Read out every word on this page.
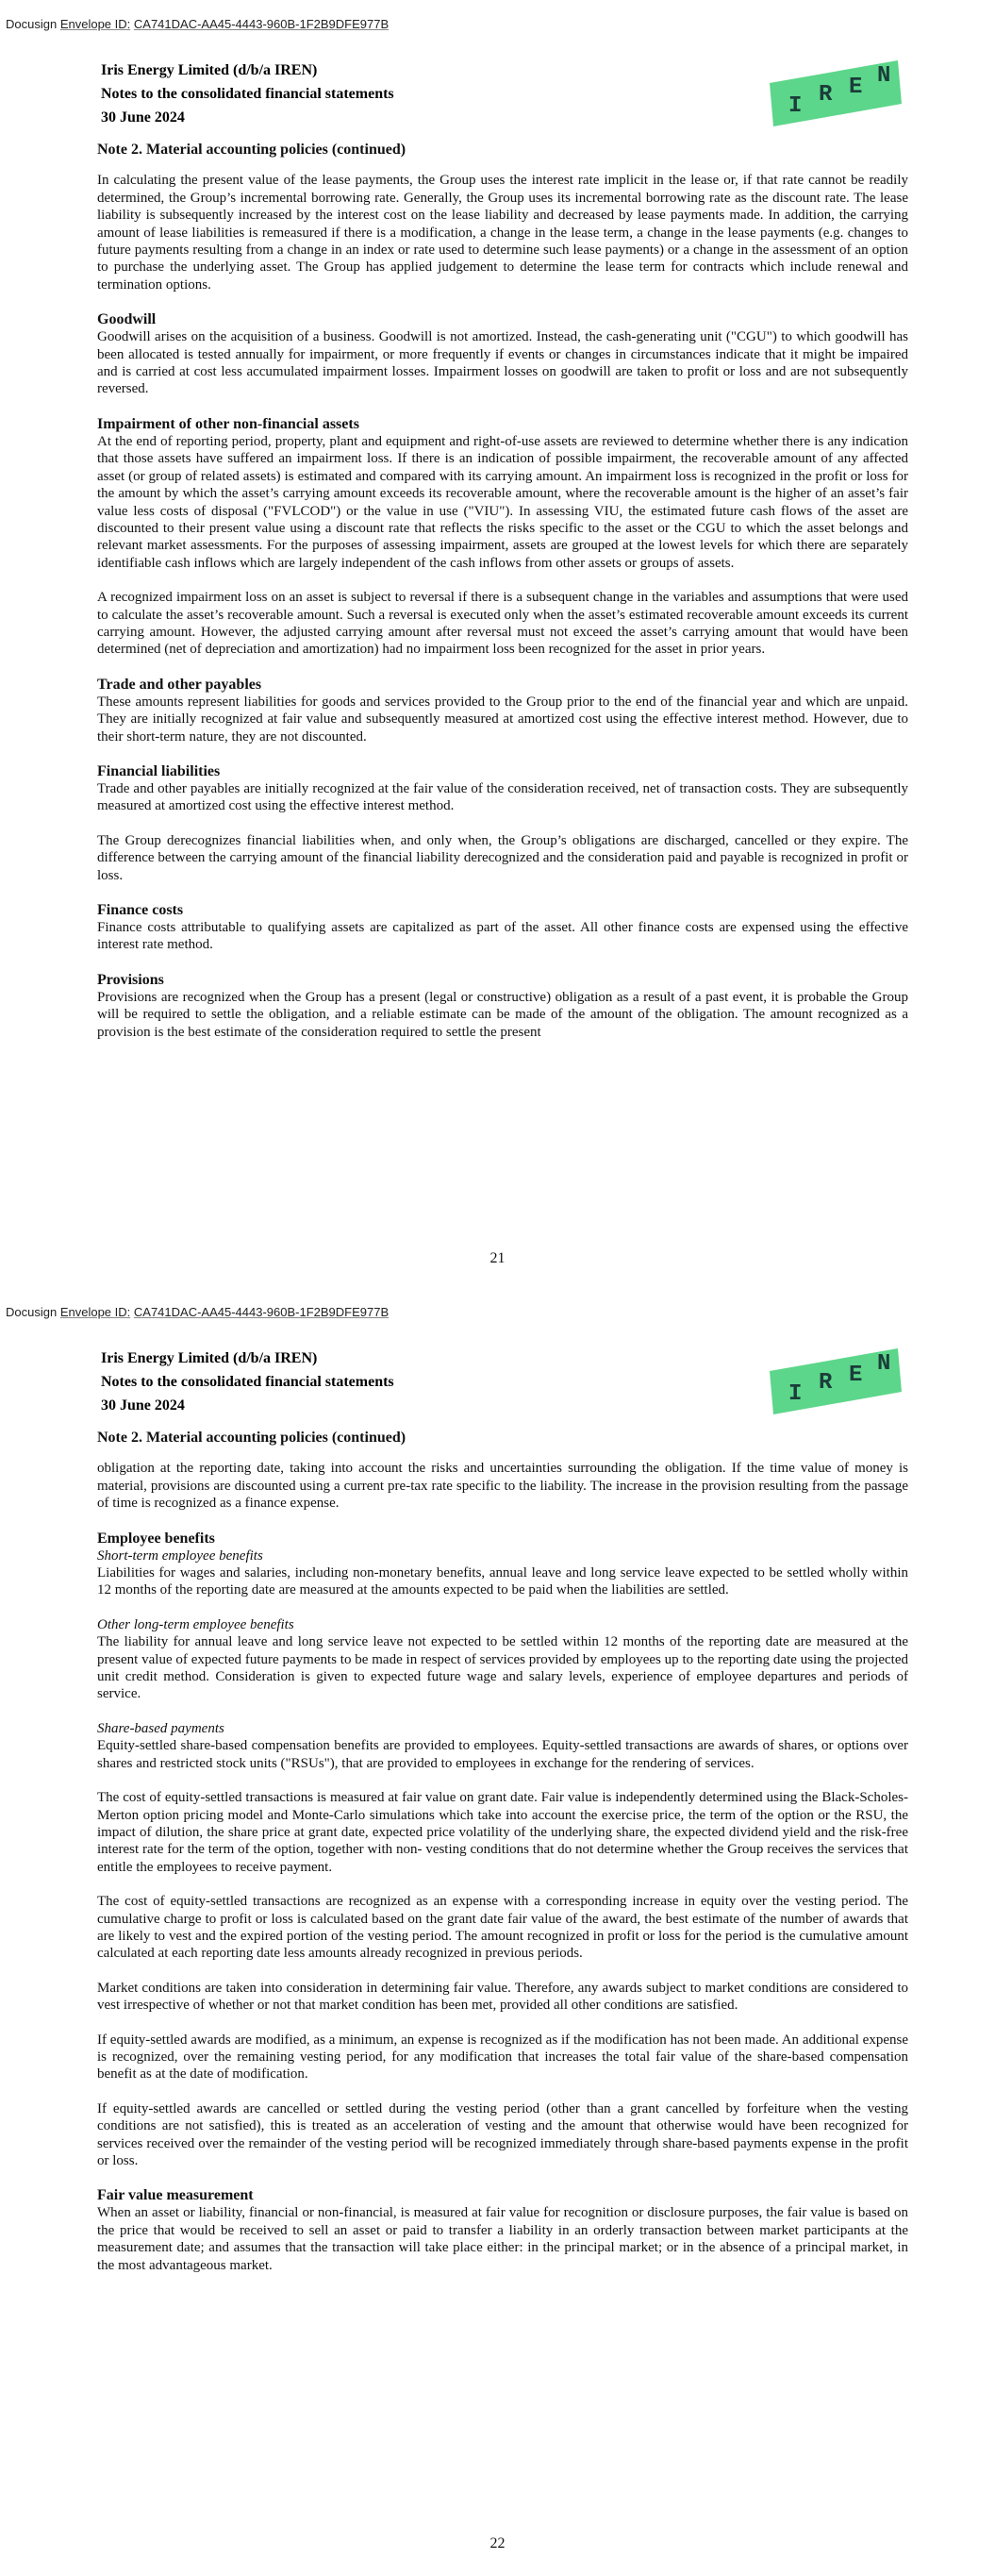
Docusign Envelope ID: CA741DAC-AA45-4443-960B-1F2B9DFE977B
Iris Energy Limited (d/b/a IREN)
Notes to the consolidated financial statements
30 June 2024	I R E N
Note 2. Material accounting policies (continued)

In calculating the present value of the lease payments, the Group uses the interest rate implicit in the lease or, if that rate cannot be readily determined, the Group’s incremental borrowing rate. Generally, the Group uses its incremental borrowing rate as the discount rate. The lease liability is subsequently increased by the interest cost on the lease liability and decreased by lease payments made. In addition, the carrying amount of lease liabilities is remeasured if there is a modification, a change in the lease term, a change in the lease payments (e.g. changes to future payments resulting from a change in an index or rate used to determine such lease payments) or a change in the assessment of an option to purchase the underlying asset. The Group has applied judgement to determine the lease term for contracts which include renewal and termination options.

Goodwill

Goodwill arises on the acquisition of a business. Goodwill is not amortized. Instead, the cash-generating unit ("CGU") to which goodwill has been allocated is tested annually for impairment, or more frequently if events or changes in circumstances indicate that it might be impaired and is carried at cost less accumulated impairment losses. Impairment losses on goodwill are taken to profit or loss and are not subsequently reversed.

Impairment of other non-financial assets

At the end of reporting period, property, plant and equipment and right-of-use assets are reviewed to determine whether there is any indication that those assets have suffered an impairment loss. If there is an indication of possible impairment, the recoverable amount of any affected asset (or group of related assets) is estimated and compared with its carrying amount. An impairment loss is recognized in the profit or loss for the amount by which the asset’s carrying amount exceeds its recoverable amount, where the recoverable amount is the higher of an asset’s fair value less costs of disposal ("FVLCOD") or the value in use ("VIU"). In assessing VIU, the estimated future cash flows of the asset are discounted to their present value using a discount rate that reflects the risks specific to the asset or the CGU to which the asset belongs and relevant market assessments. For the purposes of assessing impairment, assets are grouped at the lowest levels for which there are separately identifiable cash inflows which are largely independent of the cash inflows from other assets or groups of assets.

A recognized impairment loss on an asset is subject to reversal if there is a subsequent change in the variables and assumptions that were used to calculate the asset’s recoverable amount. Such a reversal is executed only when the asset’s estimated recoverable amount exceeds its current carrying amount. However, the adjusted carrying amount after reversal must not exceed the asset’s carrying amount that would have been determined (net of depreciation and amortization) had no impairment loss been recognized for the asset in prior years.

Trade and other payables

These amounts represent liabilities for goods and services provided to the Group prior to the end of the financial year and which are unpaid. They are initially recognized at fair value and subsequently measured at amortized cost using the effective interest method. However, due to their short-term nature, they are not discounted.

Financial liabilities

Trade and other payables are initially recognized at the fair value of the consideration received, net of transaction costs. They are subsequently measured at amortized cost using the effective interest method.

The Group derecognizes financial liabilities when, and only when, the Group’s obligations are discharged, cancelled or they expire. The difference between the carrying amount of the financial liability derecognized and the consideration paid and payable is recognized in profit or loss.

Finance costs

Finance costs attributable to qualifying assets are capitalized as part of the asset. All other finance costs are expensed using the effective interest rate method.

Provisions

Provisions are recognized when the Group has a present (legal or constructive) obligation as a result of a past event, it is probable the Group will be required to settle the obligation, and a reliable estimate can be made of the amount of the obligation. The amount recognized as a provision is the best estimate of the consideration required to settle the present

21
Docusign Envelope ID: CA741DAC-AA45-4443-960B-1F2B9DFE977B
Iris Energy Limited (d/b/a IREN)
Notes to the consolidated financial statements
30 June 2024	I R E N
Note 2. Material accounting policies (continued)

obligation at the reporting date, taking into account the risks and uncertainties surrounding the obligation. If the time value of money is material, provisions are discounted using a current pre-tax rate specific to the liability. The increase in the provision resulting from the passage of time is recognized as a finance expense.

Employee benefits
Short-term employee benefits

Liabilities for wages and salaries, including non-monetary benefits, annual leave and long service leave expected to be settled wholly within 12 months of the reporting date are measured at the amounts expected to be paid when the liabilities are settled.

Other long-term employee benefits

The liability for annual leave and long service leave not expected to be settled within 12 months of the reporting date are measured at the present value of expected future payments to be made in respect of services provided by employees up to the reporting date using the projected unit credit method. Consideration is given to expected future wage and salary levels, experience of employee departures and periods of service.

Share-based payments

Equity-settled share-based compensation benefits are provided to employees. Equity-settled transactions are awards of shares, or options over shares and restricted stock units ("RSUs"), that are provided to employees in exchange for the rendering of services.

The cost of equity-settled transactions is measured at fair value on grant date. Fair value is independently determined using the Black-Scholes-Merton option pricing model and Monte-Carlo simulations which take into account the exercise price, the term of the option or the RSU, the impact of dilution, the share price at grant date, expected price volatility of the underlying share, the expected dividend yield and the risk-free interest rate for the term of the option, together with non- vesting conditions that do not determine whether the Group receives the services that entitle the employees to receive payment.

The cost of equity-settled transactions are recognized as an expense with a corresponding increase in equity over the vesting period. The cumulative charge to profit or loss is calculated based on the grant date fair value of the award, the best estimate of the number of awards that are likely to vest and the expired portion of the vesting period. The amount recognized in profit or loss for the period is the cumulative amount calculated at each reporting date less amounts already recognized in previous periods.

Market conditions are taken into consideration in determining fair value. Therefore, any awards subject to market conditions are considered to vest irrespective of whether or not that market condition has been met, provided all other conditions are satisfied.

If equity-settled awards are modified, as a minimum, an expense is recognized as if the modification has not been made. An additional expense is recognized, over the remaining vesting period, for any modification that increases the total fair value of the share-based compensation benefit as at the date of modification.

If equity-settled awards are cancelled or settled during the vesting period (other than a grant cancelled by forfeiture when the vesting conditions are not satisfied), this is treated as an acceleration of vesting and the amount that otherwise would have been recognized for services received over the remainder of the vesting period will be recognized immediately through share-based payments expense in the profit or loss.

Fair value measurement

When an asset or liability, financial or non-financial, is measured at fair value for recognition or disclosure purposes, the fair value is based on the price that would be received to sell an asset or paid to transfer a liability in an orderly transaction between market participants at the measurement date; and assumes that the transaction will take place either: in the principal market; or in the absence of a principal market, in the most advantageous market.

22
